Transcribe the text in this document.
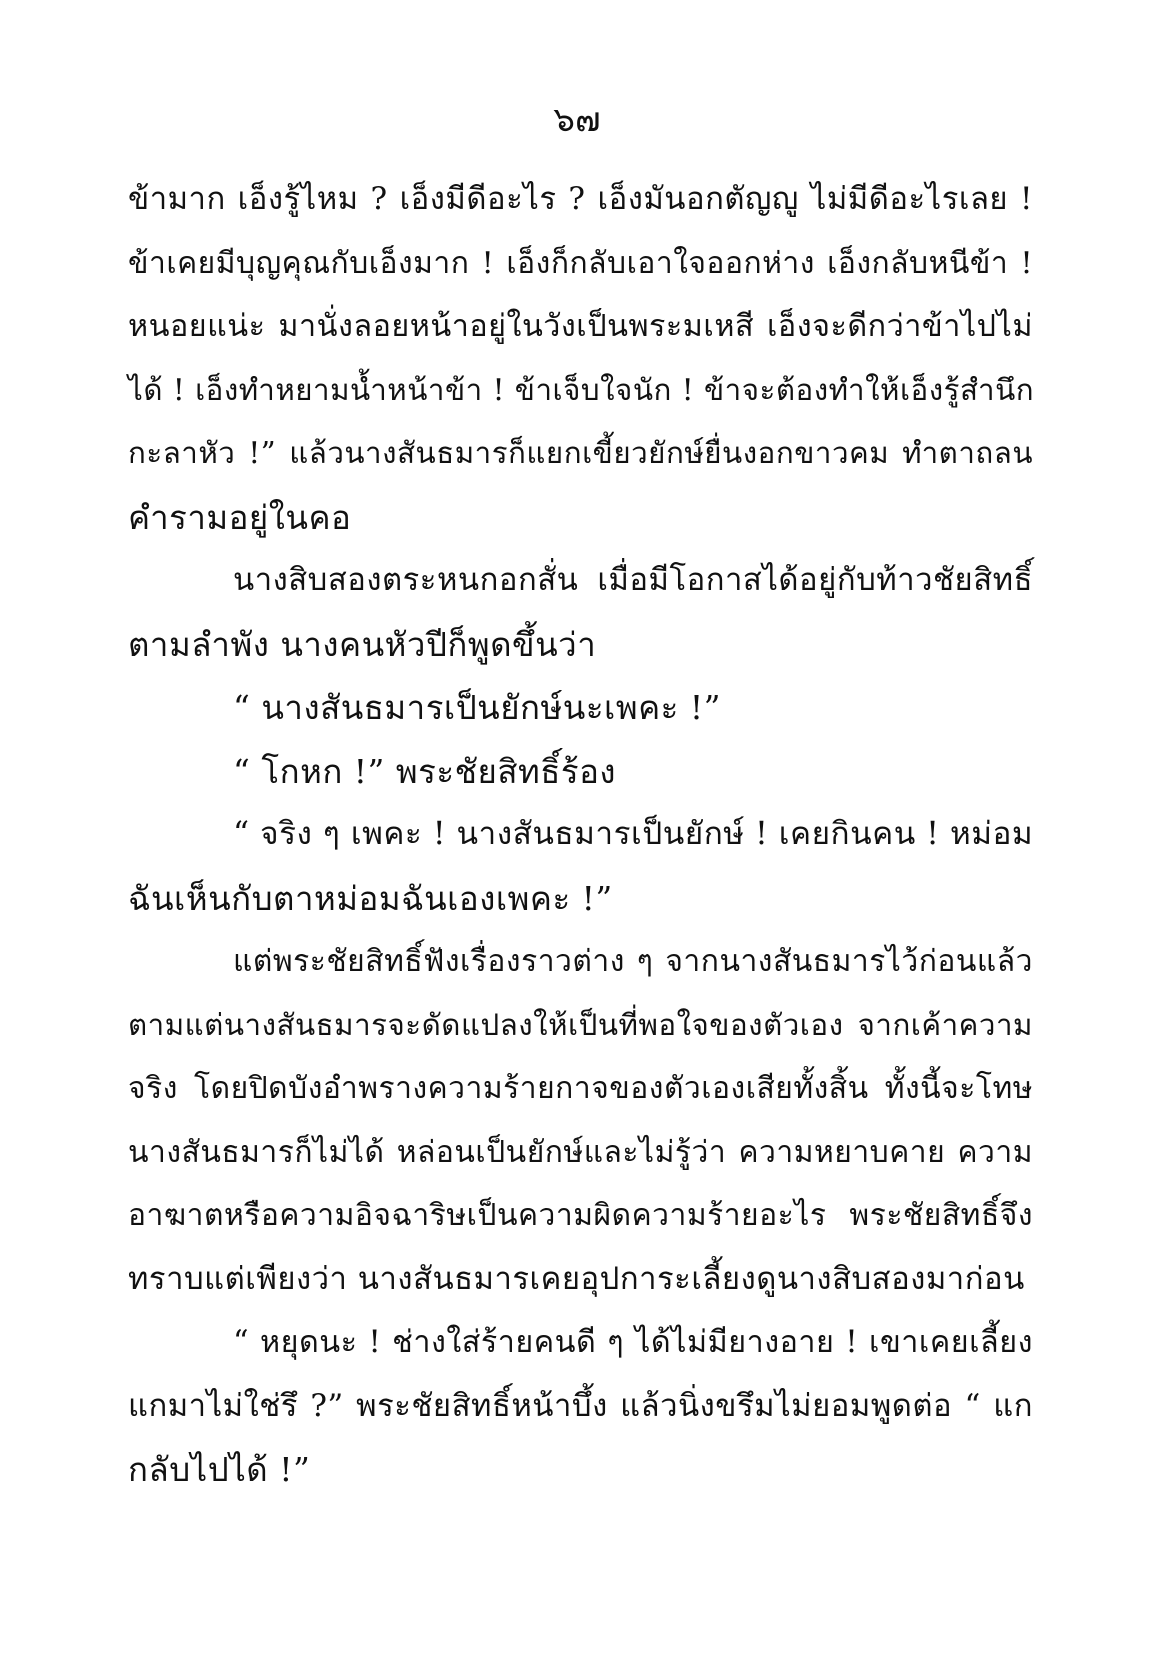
๖๗
ข้ามาก เอ็งรู้ไหม ? เอ็งมีดีอะไร ? เอ็งมันอกตัญญู ไม่มีดีอะไรเลย !
ข้าเคยมีบุญคุณกับเอ็งมาก ! เอ็งก็กลับเอาใจออกห่าง เอ็งกลับหนีข้า !
หนอยแน่ะ มานั่งลอยหน้าอยู่ในวังเป็นพระมเหสี เอ็งจะดีกว่าข้าไปไม่
ได้ ! เอ็งทำหยามน้ำหน้าข้า ! ข้าเจ็บใจนัก ! ข้าจะต้องทำให้เอ็งรู้สำนึก
กะลาหัว !” แล้วนางสันธมารก็แยกเขี้ยวยักษ์ยื่นงอกขาวคม ทำตาถลน
คำรามอยู่ในคอ
นางสิบสองตระหนกอกสั่น เมื่อมีโอกาสได้อยู่กับท้าวชัยสิทธิ์
ตามลำพัง นางคนหัวปีก็พูดขึ้นว่า
“ นางสันธมารเป็นยักษ์นะเพคะ !”
“ โกหก !” พระชัยสิทธิ์ร้อง
“ จริง ๆ เพคะ ! นางสันธมารเป็นยักษ์ ! เคยกินคน ! หม่อม
ฉันเห็นกับตาหม่อมฉันเองเพคะ !”
แต่พระชัยสิทธิ์ฟังเรื่องราวต่าง ๆ จากนางสันธมารไว้ก่อนแล้ว
ตามแต่นางสันธมารจะดัดแปลงให้เป็นที่พอใจของตัวเอง จากเค้าความ
จริง โดยปิดบังอำพรางความร้ายกาจของตัวเองเสียทั้งสิ้น ทั้งนี้จะโทษ
นางสันธมารก็ไม่ได้ หล่อนเป็นยักษ์และไม่รู้ว่า ความหยาบคาย ความ
อาฆาตหรือความอิจฉาริษเป็นความผิดความร้ายอะไร พระชัยสิทธิ์จึง
ทราบแต่เพียงว่า นางสันธมารเคยอุปการะเลี้ยงดูนางสิบสองมาก่อน
“ หยุดนะ ! ช่างใส่ร้ายคนดี ๆ ได้ไม่มียางอาย ! เขาเคยเลี้ยง
แกมาไม่ใช่รึ ?” พระชัยสิทธิ์หน้าบึ้ง แล้วนิ่งขรึมไม่ยอมพูดต่อ “ แก
กลับไปได้ !”
